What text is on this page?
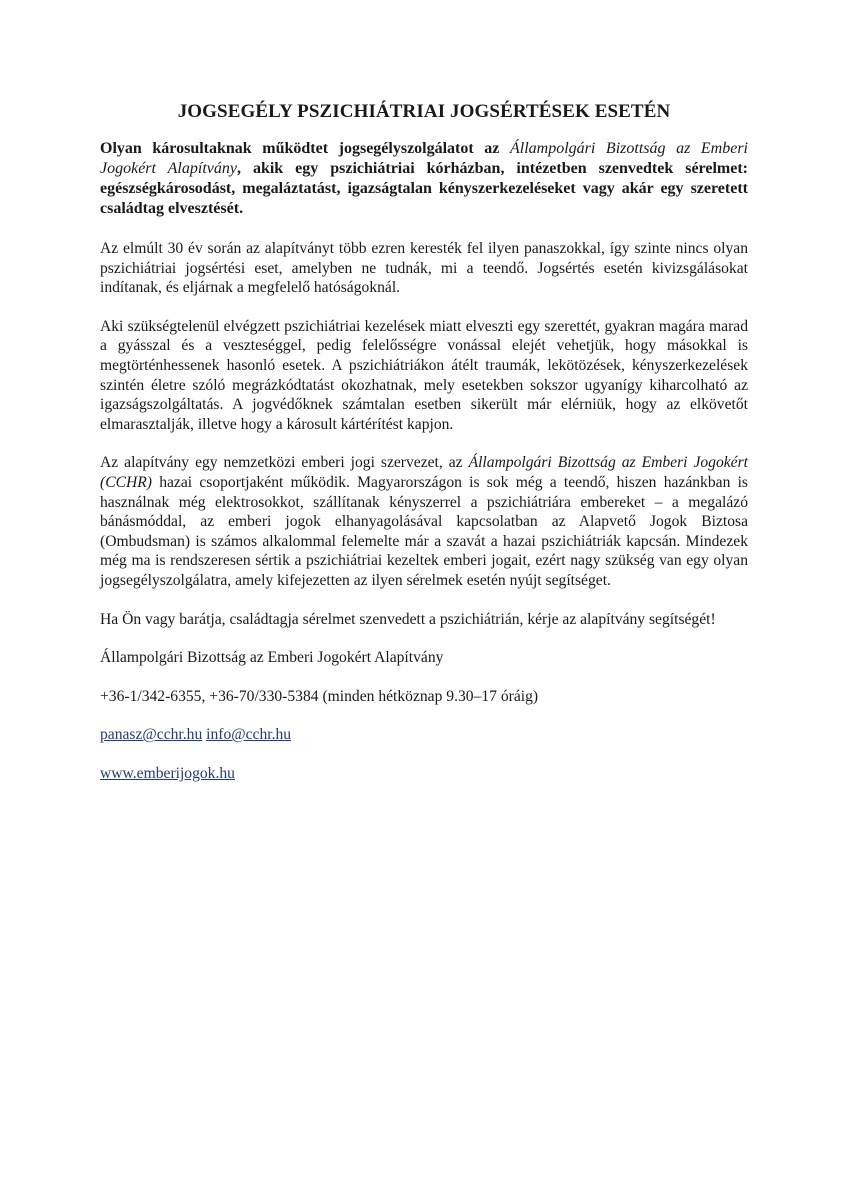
JOGSEGÉLY PSZICHIÁTRIAI JOGSÉRTÉSEK ESETÉN

Olyan károsultaknak működtet jogsegélyszolgálatot az Állampolgári Bizottság az Emberi Jogokért Alapítvány, akik egy pszichiátriai kórházban, intézetben szenvedtek sérelmet: egészségkárosodást, megaláztatást, igazságtalan kényszerkezeléseket vagy akár egy szeretett családtag elvesztését.

Az elmúlt 30 év során az alapítványt több ezren keresték fel ilyen panaszokkal, így szinte nincs olyan pszichiátriai jogsértési eset, amelyben ne tudnák, mi a teendő. Jogsértés esetén kivizsgálásokat indítanak, és eljárnak a megfelelő hatóságoknál.

Aki szükségtelenül elvégzett pszichiátriai kezelések miatt elveszti egy szerettét, gyakran magára marad a gyásszal és a veszteséggel, pedig felelősségre vonással elejét vehetjük, hogy másokkal is megtörténhessenek hasonló esetek. A pszichiátriákon átélt traumák, lekötözések, kényszerkezelések szintén életre szóló megrázkódtatást okozhatnak, mely esetekben sokszor ugyanígy kiharcolható az igazságszolgáltatás. A jogvédőknek számtalan esetben sikerült már elérniük, hogy az elkövetőt elmarasztalják, illetve hogy a károsult kártérítést kapjon.

Az alapítvány egy nemzetközi emberi jogi szervezet, az Állampolgári Bizottság az Emberi Jogokért (CCHR) hazai csoportjaként működik. Magyarországon is sok még a teendő, hiszen hazánkban is használnak még elektrosokkot, szállítanak kényszerrel a pszichiátriára embereket – a megalázó bánásmóddal, az emberi jogok elhanyagolásával kapcsolatban az Alapvető Jogok Biztosa (Ombudsman) is számos alkalommal felemelte már a szavát a hazai pszichiátriák kapcsán. Mindezek még ma is rendszeresen sértik a pszichiátriai kezeltek emberi jogait, ezért nagy szükség van egy olyan jogsegélyszolgálatra, amely kifejezetten az ilyen sérelmek esetén nyújt segítséget.

Ha Ön vagy barátja, családtagja sérelmet szenvedett a pszichiátrián, kérje az alapítvány segítségét!

Állampolgári Bizottság az Emberi Jogokért Alapítvány

+36-1/342-6355, +36-70/330-5384 (minden hétköznap 9.30–17 óráig)

panasz@cchr.hu info@cchr.hu

www.emberijogok.hu
